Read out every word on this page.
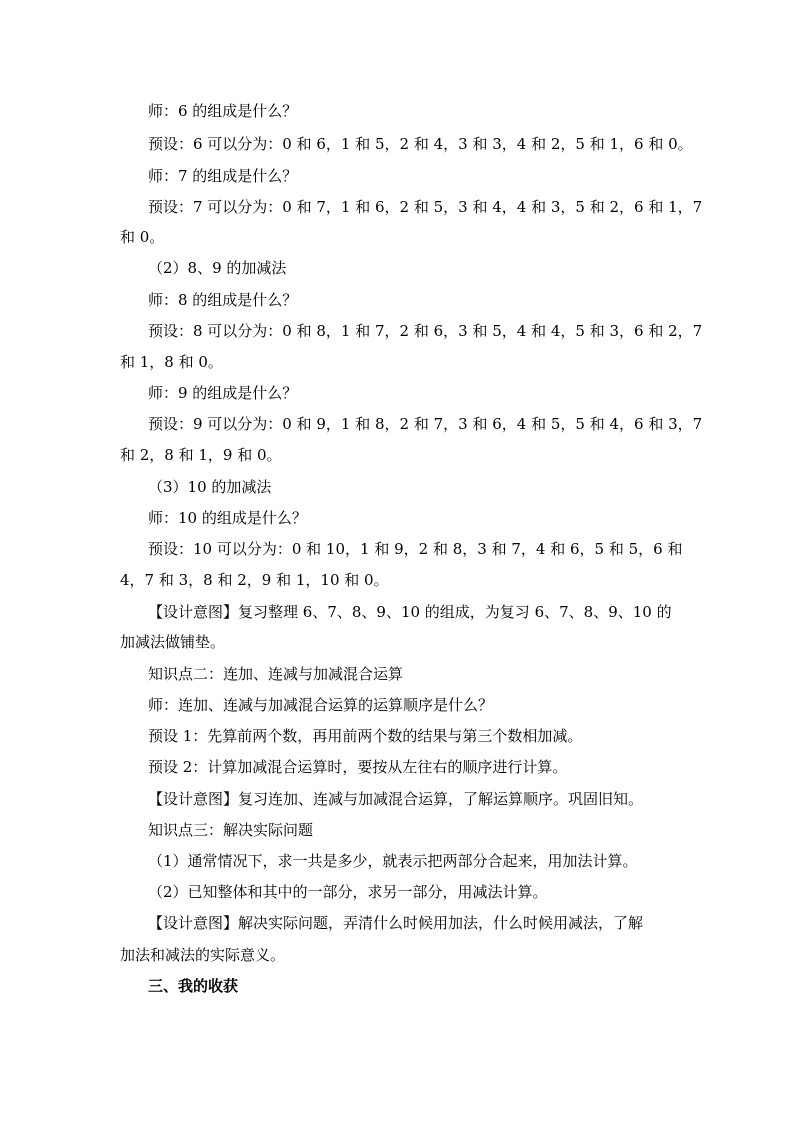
师：6 的组成是什么？
预设：6 可以分为：0 和 6，1 和 5，2 和 4，3 和 3，4 和 2，5 和 1，6 和 0。
师：7 的组成是什么？
预设：7 可以分为：0 和 7，1 和 6，2 和 5，3 和 4，4 和 3，5 和 2，6 和 1，7
和 0。
（2）8、9 的加减法
师：8 的组成是什么？
预设：8 可以分为：0 和 8，1 和 7，2 和 6，3 和 5，4 和 4，5 和 3，6 和 2，7
和 1，8 和 0。
师：9 的组成是什么？
预设：9 可以分为：0 和 9，1 和 8，2 和 7，3 和 6，4 和 5，5 和 4，6 和 3，7
和 2，8 和 1，9 和 0。
（3）10 的加减法
师：10 的组成是什么？
预设：10 可以分为：0 和 10，1 和 9，2 和 8，3 和 7，4 和 6，5 和 5，6 和
4，7 和 3，8 和 2，9 和 1，10 和 0。
【设计意图】复习整理 6、7、8、9、10 的组成，为复习 6、7、8、9、10 的
加减法做铺垫。
知识点二：连加、连减与加减混合运算
师：连加、连减与加减混合运算的运算顺序是什么？
预设 1：先算前两个数，再用前两个数的结果与第三个数相加减。
预设 2：计算加减混合运算时，要按从左往右的顺序进行计算。
【设计意图】复习连加、连减与加减混合运算，了解运算顺序。巩固旧知。
知识点三：解决实际问题
（1）通常情况下，求一共是多少，就表示把两部分合起来，用加法计算。
（2）已知整体和其中的一部分，求另一部分，用减法计算。
【设计意图】解决实际问题，弄清什么时候用加法，什么时候用减法，了解
加法和减法的实际意义。
三、我的收获
